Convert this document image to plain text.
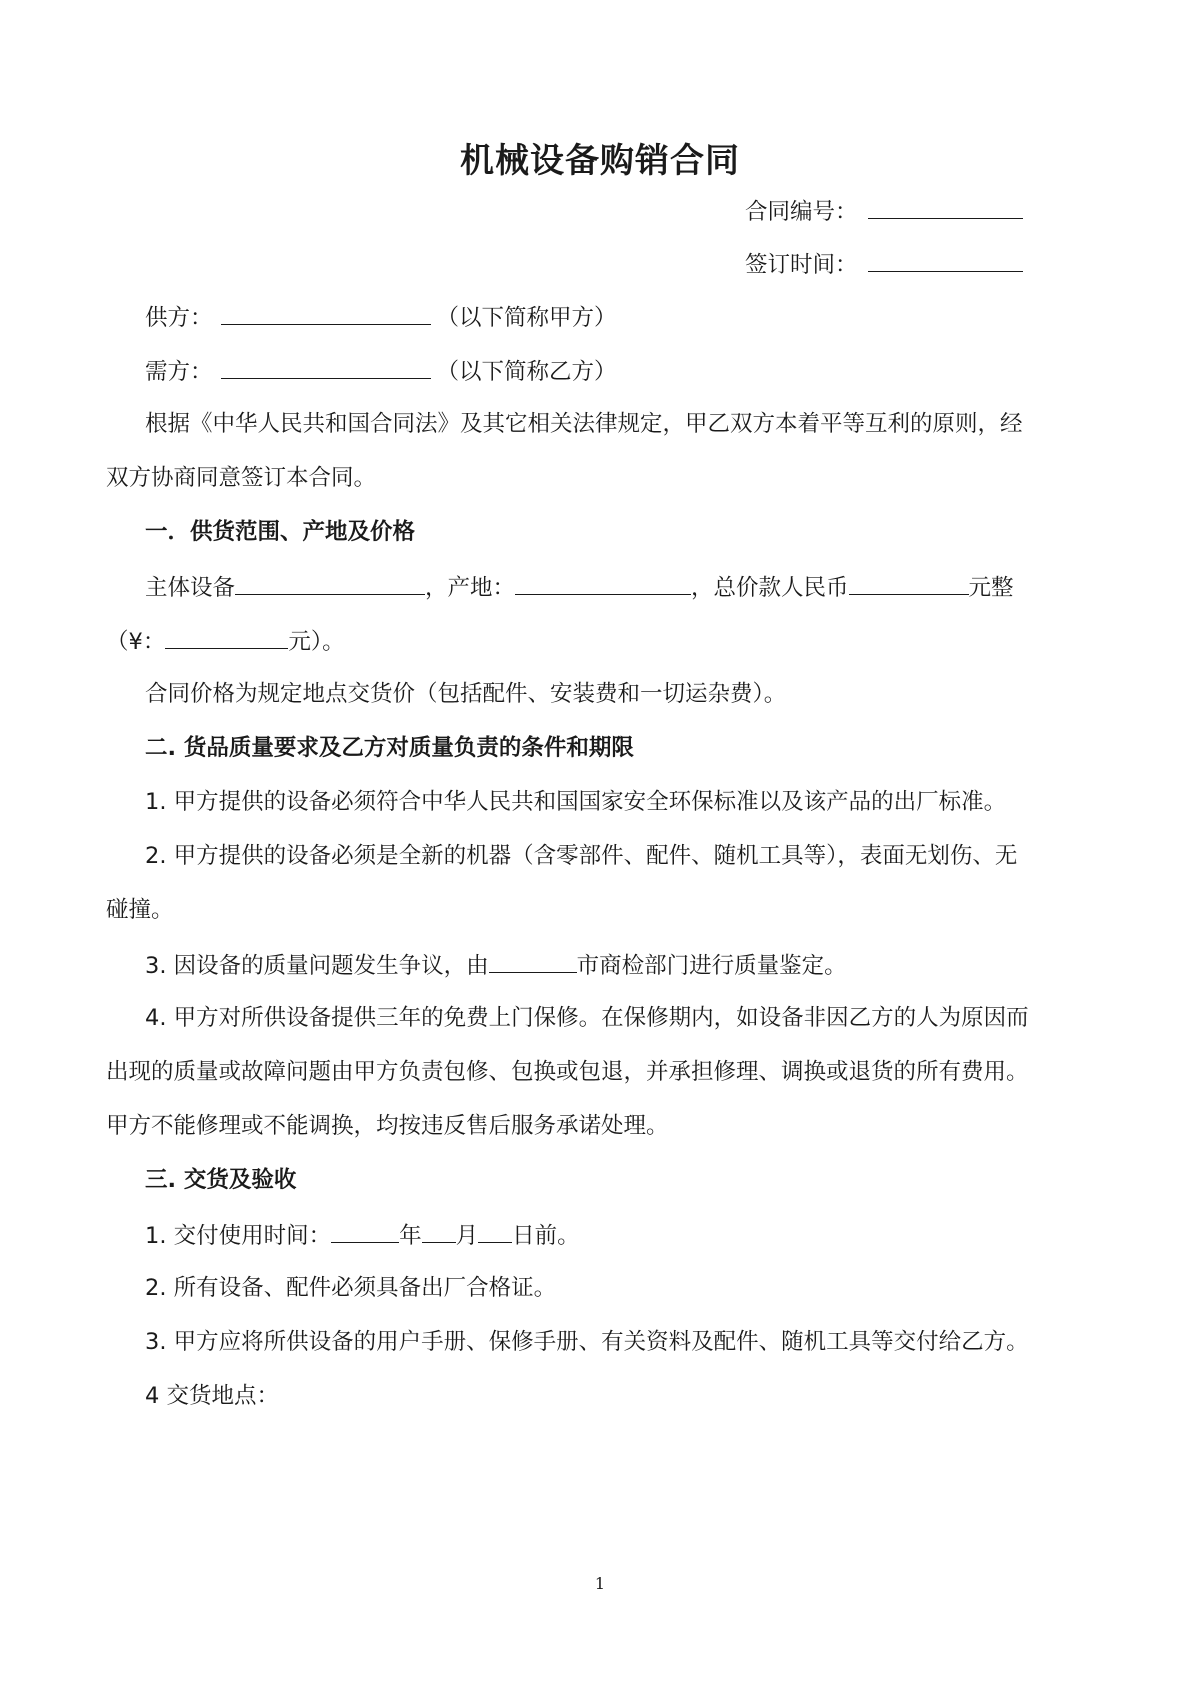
机械设备购销合同
合同编号：
签订时间：
供方：	（以下简称甲方）
需方：	（以下简称乙方）
根据《中华人民共和国合同法》及其它相关法律规定，甲乙双方本着平等互利的原则，经
双方协商同意签订本合同。
一．供货范围、产地及价格
主体设备	，产地：	，总价款人民币	元整
（¥：	元）。
合同价格为规定地点交货价（包括配件、安装费和一切运杂费）。
二. 货品质量要求及乙方对质量负责的条件和期限
1. 甲方提供的设备必须符合中华人民共和国国家安全环保标准以及该产品的出厂标准。
2. 甲方提供的设备必须是全新的机器（含零部件、配件、随机工具等），表面无划伤、无
碰撞。
3. 因设备的质量问题发生争议，由	市商检部门进行质量鉴定。
4. 甲方对所供设备提供三年的免费上门保修。在保修期内，如设备非因乙方的人为原因而
出现的质量或故障问题由甲方负责包修、包换或包退，并承担修理、调换或退货的所有费用。
甲方不能修理或不能调换，均按违反售后服务承诺处理。
三. 交货及验收
1. 交付使用时间：	年 月 日前。
2. 所有设备、配件必须具备出厂合格证。
3. 甲方应将所供设备的用户手册、保修手册、有关资料及配件、随机工具等交付给乙方。
4 交货地点：
1
